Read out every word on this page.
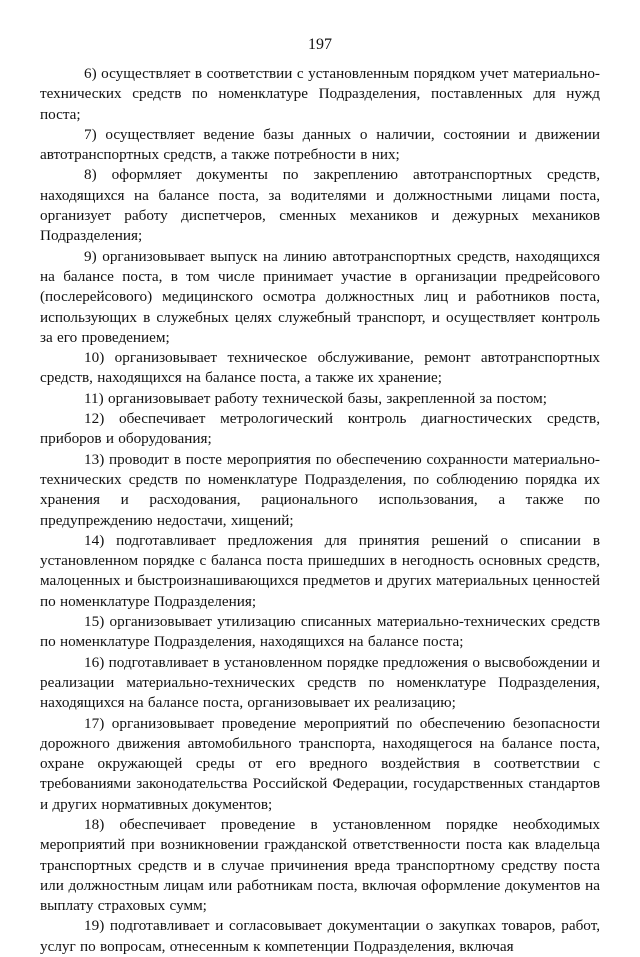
197

6) осуществляет в соответствии с установленным порядком учет материально-технических средств по номенклатуре Подразделения, поставленных для нужд поста;

7) осуществляет ведение базы данных о наличии, состоянии и движении автотранспортных средств, а также потребности в них;

8) оформляет документы по закреплению автотранспортных средств, находящихся на балансе поста, за водителями и должностными лицами поста, организует работу диспетчеров, сменных механиков и дежурных механиков Подразделения;

9) организовывает выпуск на линию автотранспортных средств, находящихся на балансе поста, в том числе принимает участие в организации предрейсового (послерейсового) медицинского осмотра должностных лиц и работников поста, использующих в служебных целях служебный транспорт, и осуществляет контроль за его проведением;

10) организовывает техническое обслуживание, ремонт автотранспортных средств, находящихся на балансе поста, а также их хранение;

11) организовывает работу технической базы, закрепленной за постом;

12) обеспечивает метрологический контроль диагностических средств, приборов и оборудования;

13) проводит в посте мероприятия по обеспечению сохранности материально-технических средств по номенклатуре Подразделения, по соблюдению порядка их хранения и расходования, рационального использования, а также по предупреждению недостачи, хищений;

14) подготавливает предложения для принятия решений о списании в установленном порядке с баланса поста пришедших в негодность основных средств, малоценных и быстроизнашивающихся предметов и других материальных ценностей по номенклатуре Подразделения;

15) организовывает утилизацию списанных материально-технических средств по номенклатуре Подразделения, находящихся на балансе поста;

16) подготавливает в установленном порядке предложения о высвобождении и реализации материально-технических средств по номенклатуре Подразделения, находящихся на балансе поста, организовывает их реализацию;

17) организовывает проведение мероприятий по обеспечению безопасности дорожного движения автомобильного транспорта, находящегося на балансе поста, охране окружающей среды от его вредного воздействия в соответствии с требованиями законодательства Российской Федерации, государственных стандартов и других нормативных документов;

18) обеспечивает проведение в установленном порядке необходимых мероприятий при возникновении гражданской ответственности поста как владельца транспортных средств и в случае причинения вреда транспортному средству поста или должностным лицам или работникам поста, включая оформление документов на выплату страховых сумм;

19) подготавливает и согласовывает документации о закупках товаров, работ, услуг по вопросам, отнесенным к компетенции Подразделения, включая
